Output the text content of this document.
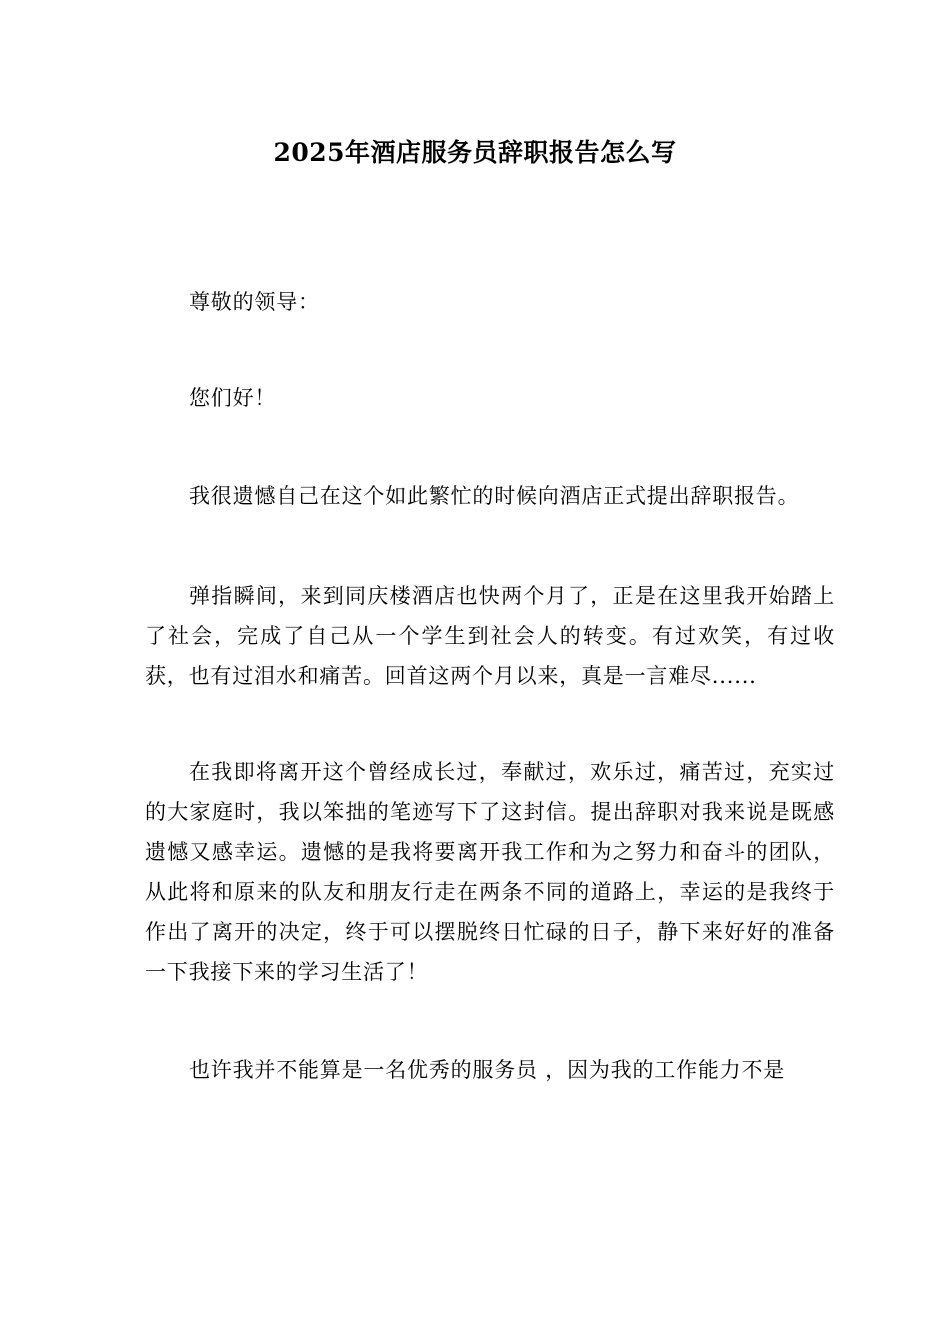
2025年酒店服务员辞职报告怎么写

尊敬的领导：

您们好！

我很遗憾自己在这个如此繁忙的时候向酒店正式提出辞职报告。

弹指瞬间，来到同庆楼酒店也快两个月了，正是在这里我开始踏上了社会，完成了自己从一个学生到社会人的转变。有过欢笑，有过收获，也有过泪水和痛苦。回首这两个月以来，真是一言难尽......

在我即将离开这个曾经成长过，奉献过，欢乐过，痛苦过，充实过的大家庭时，我以笨拙的笔迹写下了这封信。提出辞职对我来说是既感遗憾又感幸运。遗憾的是我将要离开我工作和为之努力和奋斗的团队，从此将和原来的队友和朋友行走在两条不同的道路上，幸运的是我终于作出了离开的决定，终于可以摆脱终日忙碌的日子，静下来好好的准备一下我接下来的学习生活了！

也许我并不能算是一名优秀的服务员 ，因为我的工作能力不是
